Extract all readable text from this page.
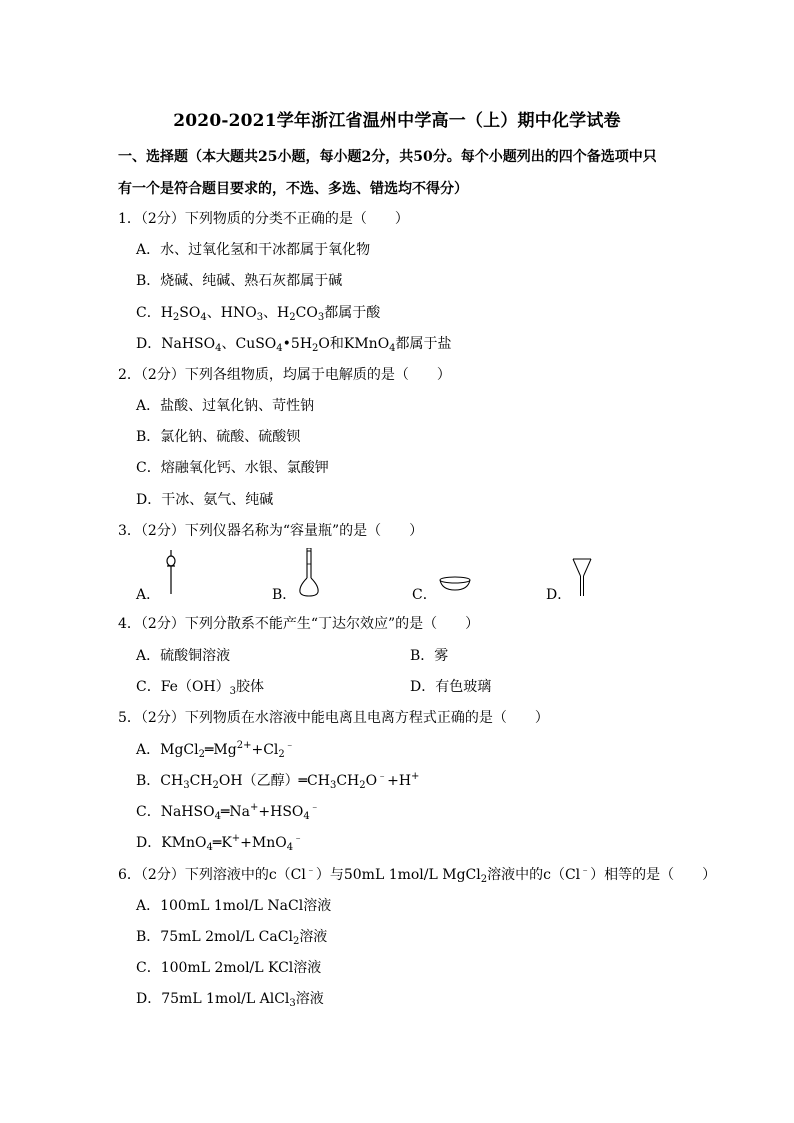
2020-2021学年浙江省温州中学高一（上）期中化学试卷
一、选择题（本大题共25小题，每小题2分，共50分。每个小题列出的四个备选项中只
有一个是符合题目要求的，不选、多选、错选均不得分）
1．（2分）下列物质的分类不正确的是（　　）
A．水、过氧化氢和干冰都属于氧化物
B．烧碱、纯碱、熟石灰都属于碱
C．$H_2SO_4$、$HNO_3$、$H_2CO_3$都属于酸
D．NaHSO$_4$、$CuSO_4•5H_2O$和KMnO$_4$都属于盐
2．（2分）下列各组物质，均属于电解质的是（　　）
A．盐酸、过氧化钠、苛性钠
B．氯化钠、硫酸、硫酸钡
C．熔融氧化钙、水银、氯酸钾
D．干冰、氨气、纯碱
3．（2分）下列仪器名称为“容量瓶”的是（　　）
A．	B．	C．	D．
4．（2分）下列分散系不能产生“丁达尔效应”的是（　　）
A．硫酸铜溶液	B．雾
C．$Fe(OH)_3$胶体	D．有色玻璃
5．（2分）下列物质在水溶液中能电离且电离方程式正确的是（　　）
A．$MgCl_2═Mg^{2+}+Cl_2^﹣$
B．$CH_3CH_2OH$（乙醇）$═CH_3CH_2O^﹣+H^+$
C．$NaHSO_4═Na^++HSO_4^﹣$
D．KMnO$_4$═K++MnO$_4$﹣
6．（2分）下列溶液中的c（Cl﹣）与50mL 1mol/L MgCl$_2$溶液中的c（Cl﹣）相等的是（　　）
A．100mL 1mol/L NaCl溶液
B．75mL 2mol/L CaCl$_2$溶液
C．100mL 2mol/L KCl溶液
D．75mL 1mol/L AlCl$_3$溶液
